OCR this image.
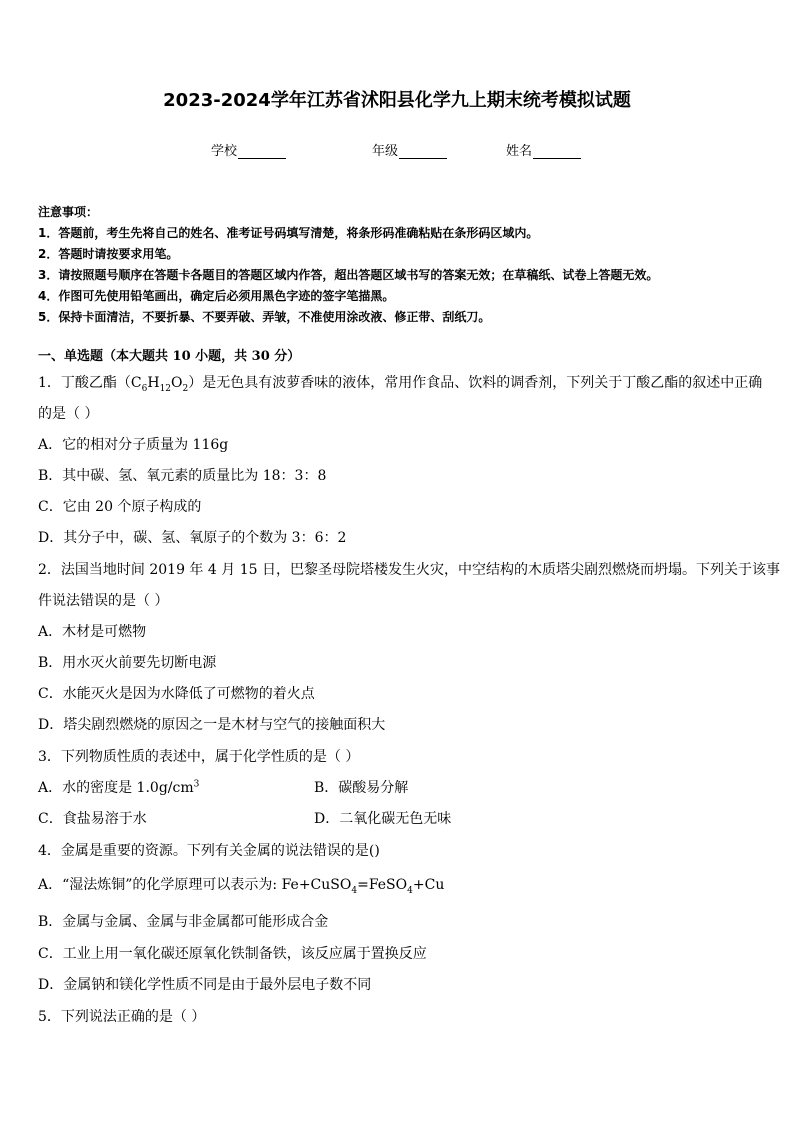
2023-2024学年江苏省沭阳县化学九上期末统考模拟试题
学校	年级	姓名
注意事项：
1．答题前，考生先将自己的姓名、准考证号码填写清楚，将条形码准确粘贴在条形码区域内。
2．答题时请按要求用笔。
3．请按照题号顺序在答题卡各题目的答题区域内作答，超出答题区域书写的答案无效；在草稿纸、试卷上答题无效。
4．作图可先使用铅笔画出，确定后必须用黑色字迹的签字笔描黑。
5．保持卡面清洁，不要折暴、不要弄破、弄皱，不准使用涂改液、修正带、刮纸刀。
一、单选题（本大题共 10 小题，共 30 分）
1．丁酸乙酯$(C_6H_{12}O_2)$是无色具有波萝香味的液体，常用作食品、饮料的调香剂，下列关于丁酸乙酯的叙述中正确
的是（ ）
A．它的相对分子质量为 116g
B．其中碳、氢、氧元素的质量比为 18：3：8
C．它由 20 个原子构成的
D．其分子中，碳、氢、氧原子的个数为 3：6：2
2．法国当地时间 2019 年 4 月 15 日，巴黎圣母院塔楼发生火灾，中空结构的木质塔尖剧烈燃烧而坍塌。下列关于该事
件说法错误的是（ ）
A．木材是可燃物
B．用水灭火前要先切断电源
C．水能灭火是因为水降低了可燃物的着火点
D．塔尖剧烈燃烧的原因之一是木材与空气的接触面积大
3．下列物质性质的表述中，属于化学性质的是（ ）
A．水的密度是 $1.0g/cm^3$	B．碳酸易分解
C．食盐易溶于水	D．二氧化碳无色无味
4．金属是重要的资源。下列有关金属的说法错误的是()
A．“湿法炼铜”的化学原理可以表示为: Fe+CuSO$_4$=FeSO$_4$+Cu
B．金属与金属、金属与非金属都可能形成合金
C．工业上用一氧化碳还原氧化铁制备铁，该反应属于置换反应
D．金属钠和镁化学性质不同是由于最外层电子数不同
5．下列说法正确的是（ ）
